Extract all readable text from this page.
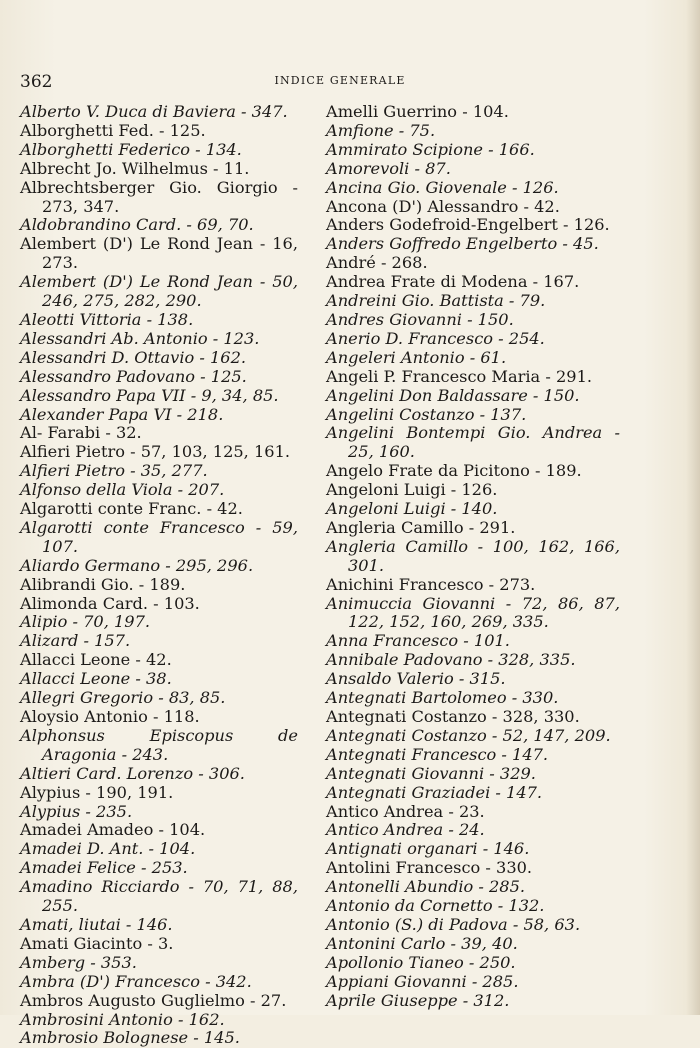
362	INDICE GENERALE
Alberto V. Duca di Baviera - 347.
Alborghetti Fed. - 125.
Alborghetti Federico - 134.
Albrecht Jo. Wilhelmus - 11.
Albrechtsberger Gio. Giorgio - 273, 347.
Aldobrandino Card. - 69, 70.
Alembert (D') Le Rond Jean - 16, 273.
Alembert (D') Le Rond Jean - 50, 246, 275, 282, 290.
Aleotti Vittoria - 138.
Alessandri Ab. Antonio - 123.
Alessandri D. Ottavio - 162.
Alessandro Padovano - 125.
Alessandro Papa VII - 9, 34, 85.
Alexander Papa VI - 218.
Al- Farabi - 32.
Alfieri Pietro - 57, 103, 125, 161.
Alfieri Pietro - 35, 277.
Alfonso della Viola - 207.
Algarotti conte Franc. - 42.
Algarotti conte Francesco - 59, 107.
Aliardo Germano - 295, 296.
Alibrandi Gio. - 189.
Alimonda Card. - 103.
Alipio - 70, 197.
Alizard - 157.
Allacci Leone - 42.
Allacci Leone - 38.
Allegri Gregorio - 83, 85.
Aloysio Antonio - 118.
Alphonsus Episcopus de Aragonia - 243.
Altieri Card. Lorenzo - 306.
Alypius - 190, 191.
Alypius - 235.
Amadei Amadeo - 104.
Amadei D. Ant. - 104.
Amadei Felice - 253.
Amadino Ricciardo - 70, 71, 88, 255.
Amati, liutai - 146.
Amati Giacinto - 3.
Amberg - 353.
Ambra (D') Francesco - 342.
Ambros Augusto Guglielmo - 27.
Ambrosini Antonio - 162.
Ambrosio Bolognese - 145.
Amelli Guerrino - 104.
Amfione - 75.
Ammirato Scipione - 166.
Amorevoli - 87.
Ancina Gio. Giovenale - 126.
Ancona (D') Alessandro - 42.
Anders Godefroid-Engelbert - 126.
Anders Goffredo Engelberto - 45.
André - 268.
Andrea Frate di Modena - 167.
Andreini Gio. Battista - 79.
Andres Giovanni - 150.
Anerio D. Francesco - 254.
Angeleri Antonio - 61.
Angeli P. Francesco Maria - 291.
Angelini Don Baldassare - 150.
Angelini Costanzo - 137.
Angelini Bontempi Gio. Andrea - 25, 160.
Angelo Frate da Picitono - 189.
Angeloni Luigi - 126.
Angeloni Luigi - 140.
Angleria Camillo - 291.
Angleria Camillo - 100, 162, 166, 301.
Anichini Francesco - 273.
Animuccia Giovanni - 72, 86, 87, 122, 152, 160, 269, 335.
Anna Francesco - 101.
Annibale Padovano - 328, 335.
Ansaldo Valerio - 315.
Antegnati Bartolomeo - 330.
Antegnati Costanzo - 328, 330.
Antegnati Costanzo - 52, 147, 209.
Antegnati Francesco - 147.
Antegnati Giovanni - 329.
Antegnati Graziadei - 147.
Antico Andrea - 23.
Antico Andrea - 24.
Antignati organari - 146.
Antolini Francesco - 330.
Antonelli Abundio - 285.
Antonio da Cornetto - 132.
Antonio (S.) di Padova - 58, 63.
Antonini Carlo - 39, 40.
Apollonio Tianeo - 250.
Appiani Giovanni - 285.
Aprile Giuseppe - 312.
